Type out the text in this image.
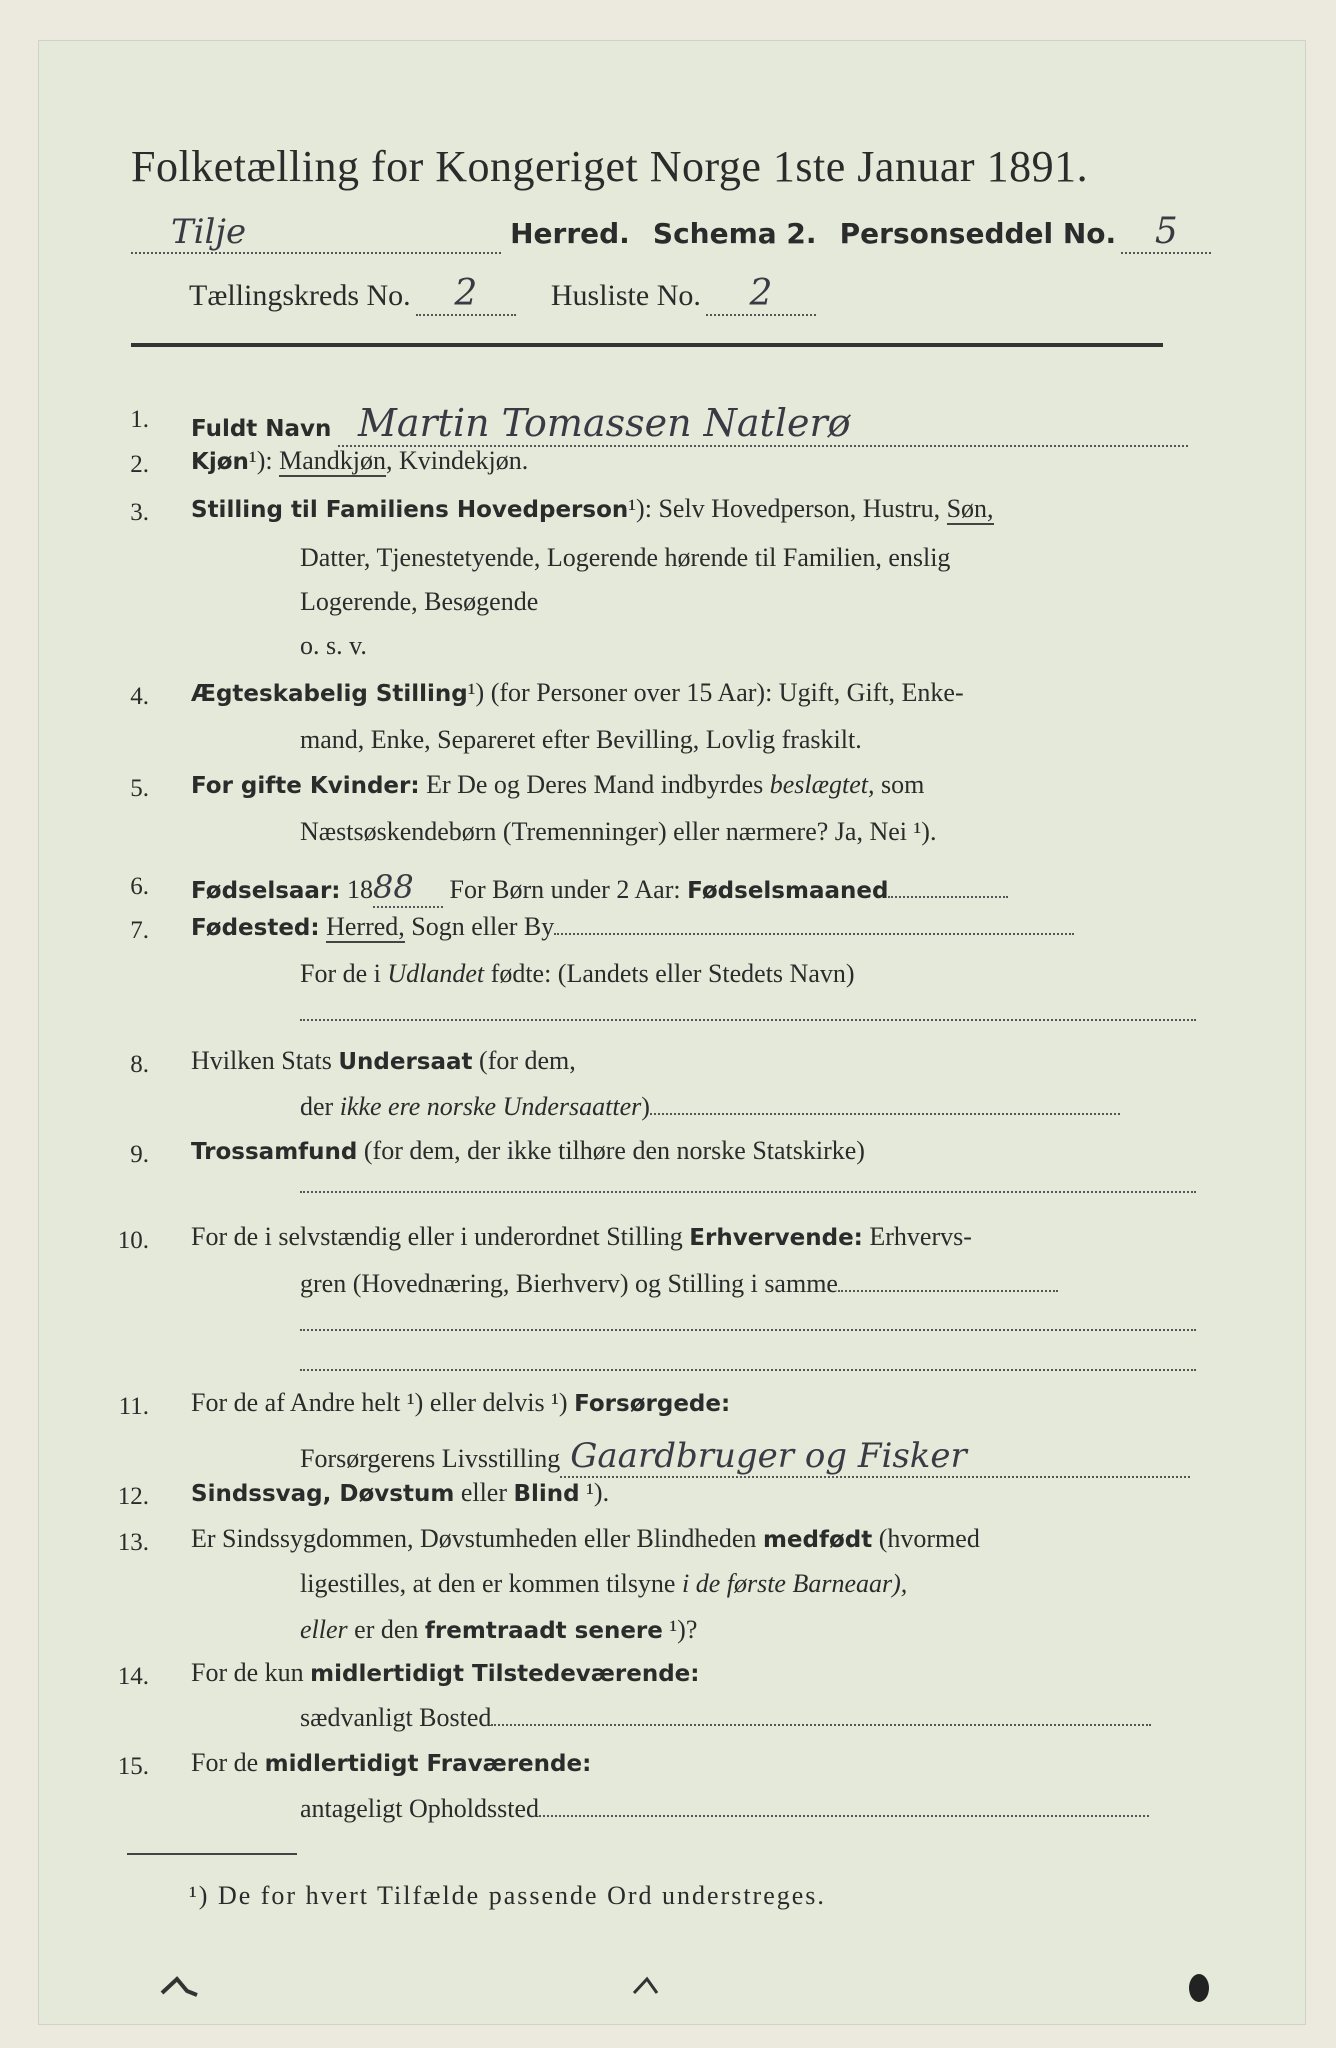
Folketælling for Kongeriget Norge 1ste Januar 1891.
Tilje	Herred. Schema 2. Personseddel No. 5
Tællingskreds No. 2 Husliste No. 2
1. Fuldt Navn Martin Tomassen Natlerø
2. Kjøn¹): Mandkjøn, Kvindekjøn.
3. Stilling til Familiens Hovedperson¹): Selv Hovedperson, Hustru, Søn,
Datter, Tjenestetyende, Logerende hørende til Familien, enslig
Logerende, Besøgende
o. s. v.
4. Ægteskabelig Stilling¹) (for Personer over 15 Aar): Ugift, Gift, Enke-
mand, Enke, Separeret efter Bevilling, Lovlig fraskilt.
5. For gifte Kvinder: Er De og Deres Mand indbyrdes beslægtet, som
Næstsøskendebørn (Tremenninger) eller nærmere? Ja, Nei ¹).
6. Fødselsaar: 1888 For Børn under 2 Aar: Fødselsmaaned
7. Fødested: Herred, Sogn eller By
For de i Udlandet fødte: (Landets eller Stedets Navn)
8. Hvilken Stats Undersaat (for dem,
der ikke ere norske Undersaatter)
9. Trossamfund (for dem, der ikke tilhøre den norske Statskirke)
10. For de i selvstændig eller i underordnet Stilling Erhvervende: Erhvervs-
gren (Hovednæring, Bierhverv) og Stilling i samme
11. For de af Andre helt ¹) eller delvis ¹) Forsørgede:
Forsørgerens Livsstilling Gaardbruger og Fisker
12. Sindssvag, Døvstum eller Blind ¹).
13. Er Sindssygdommen, Døvstumheden eller Blindheden medfødt (hvormed
ligestilles, at den er kommen tilsyne i de første Barneaar),
eller er den fremtraadt senere ¹)?
14. For de kun midlertidigt Tilstedeværende:
sædvanligt Bosted
15. For de midlertidigt Fraværende:
antageligt Opholdssted
¹) De for hvert Tilfælde passende Ord understreges.
